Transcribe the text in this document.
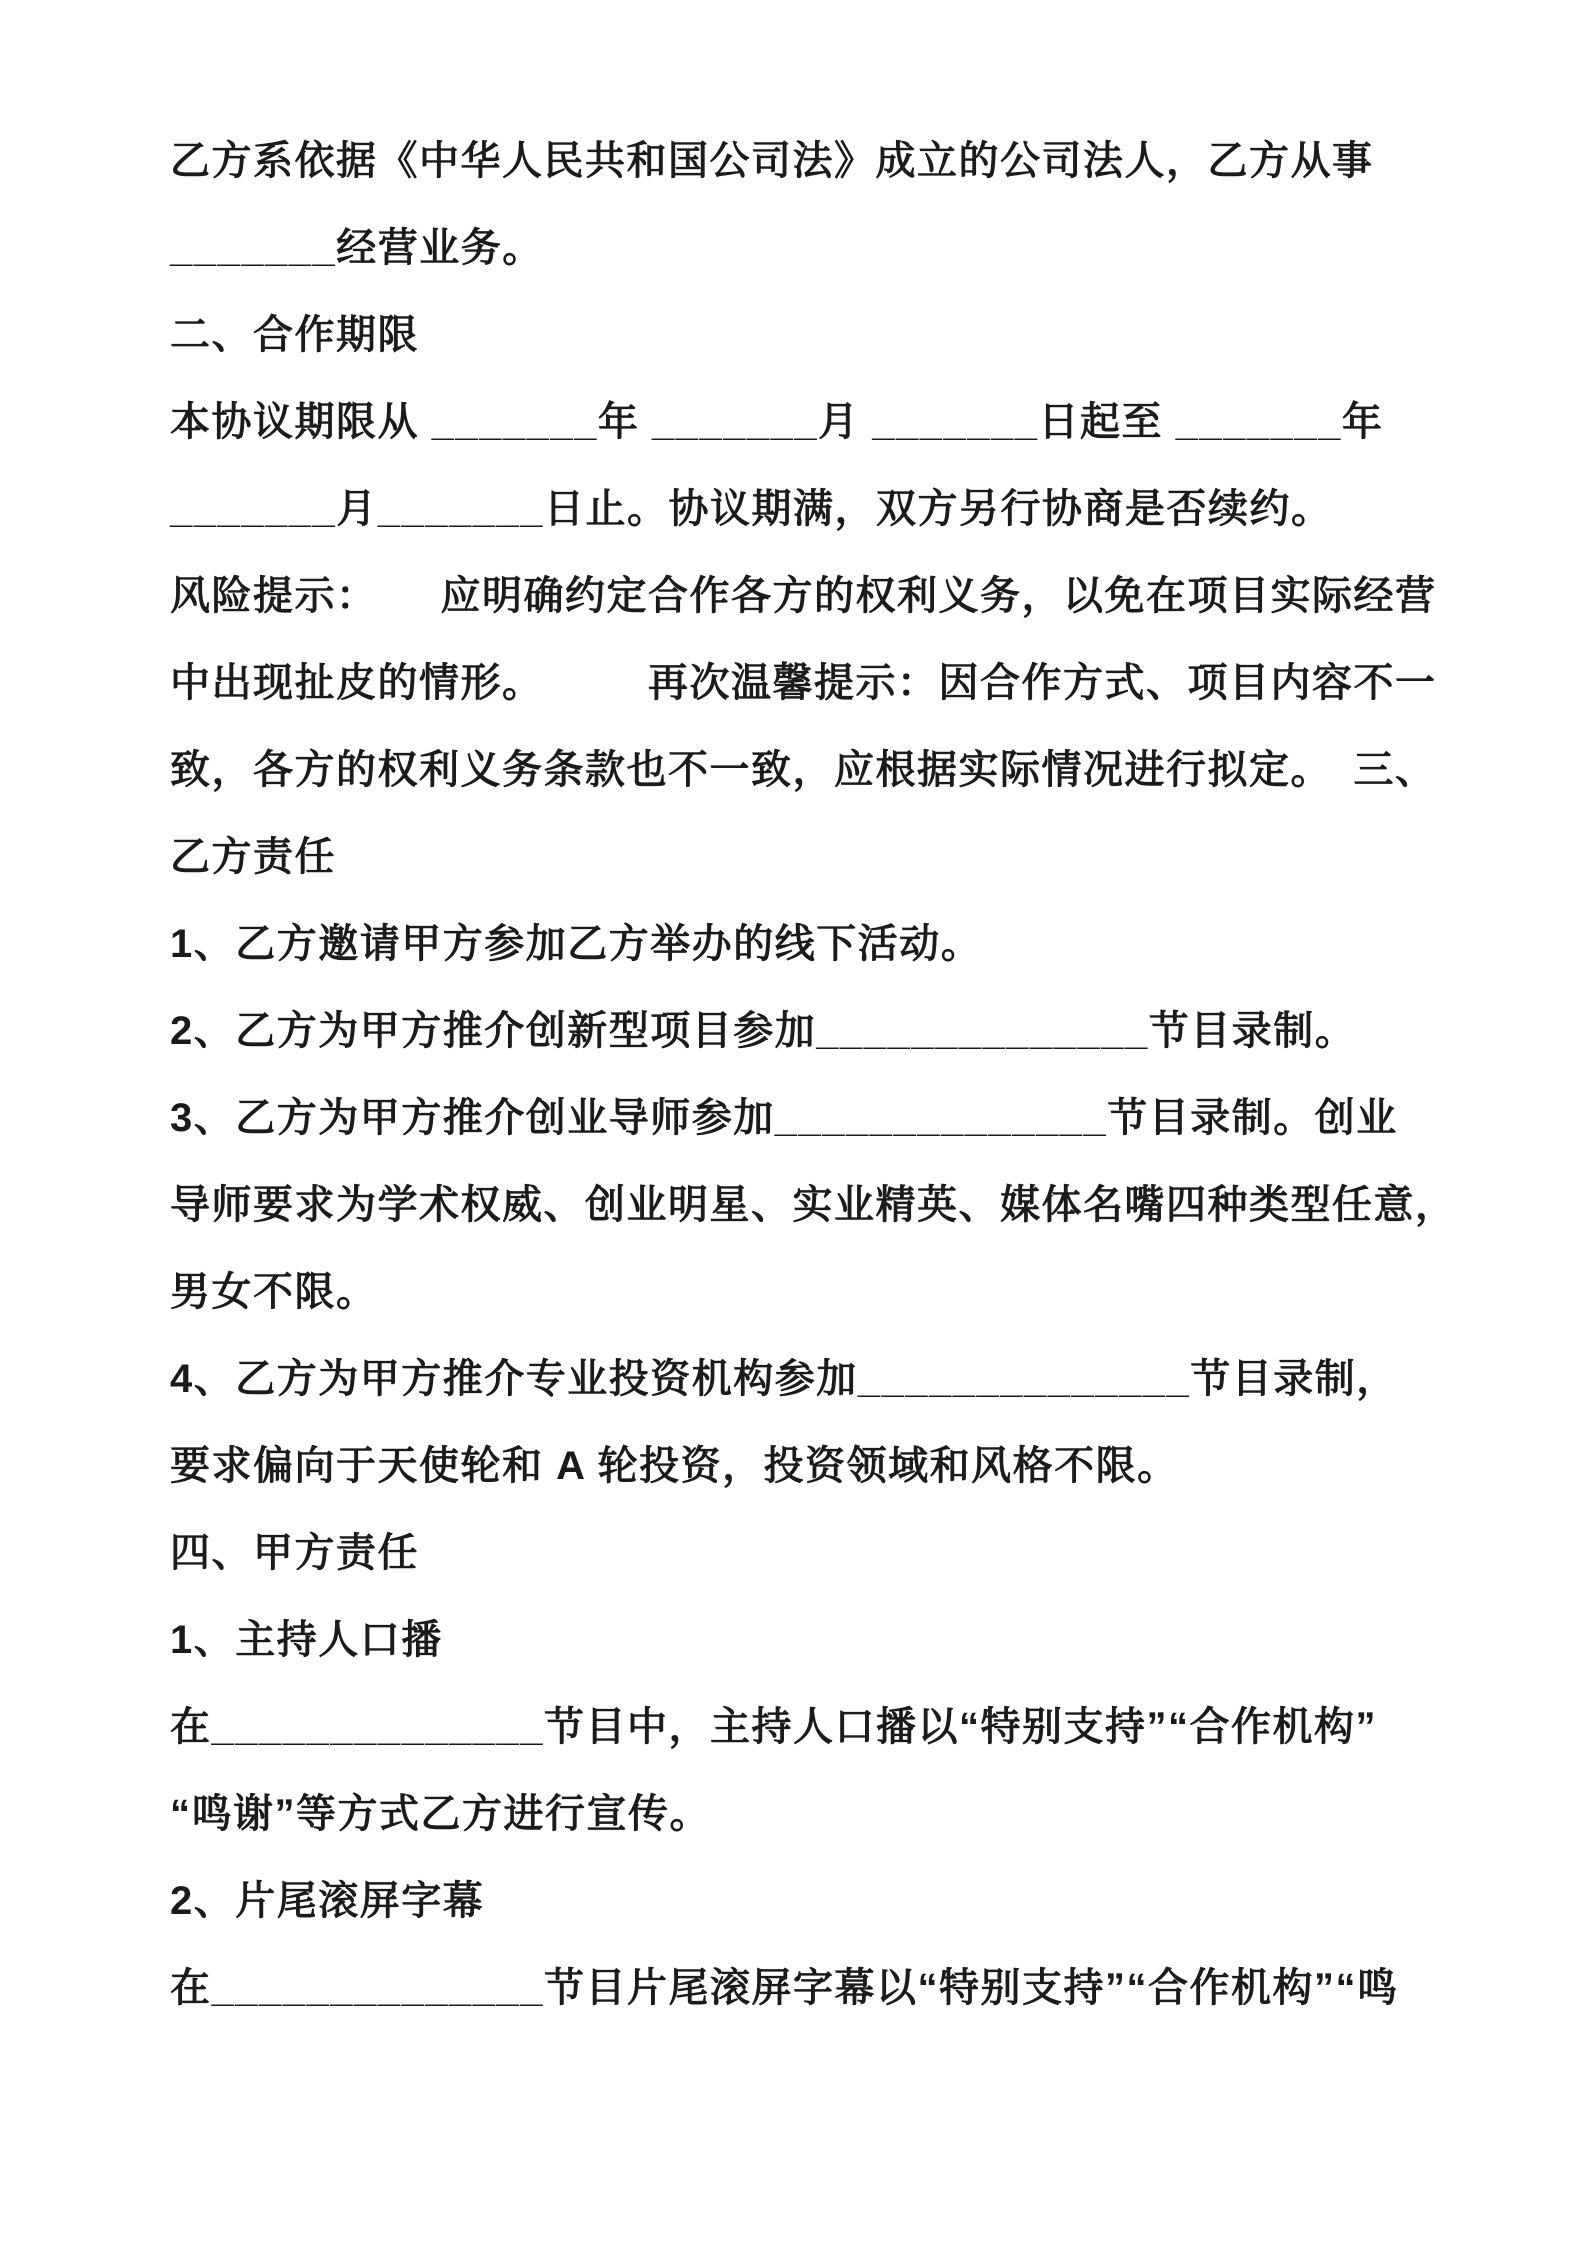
乙方系依据《中华人民共和国公司法》成立的公司法人，乙方从事
_______经营业务。
二、合作期限
本协议期限从 _______年 _______月 _______日起至 _______年
_______月_______日止。协议期满，双方另行协商是否续约。
风险提示：　　应明确约定合作各方的权利义务，以免在项目实际经营
中出现扯皮的情形。　　　再次温馨提示：因合作方式、项目内容不一
致，各方的权利义务条款也不一致，应根据实际情况进行拟定。　三、
乙方责任
1、乙方邀请甲方参加乙方举办的线下活动。
2、乙方为甲方推介创新型项目参加______________节目录制。
3、乙方为甲方推介创业导师参加______________节目录制。创业
导师要求为学术权威、创业明星、实业精英、媒体名嘴四种类型任意，
男女不限。
4、乙方为甲方推介专业投资机构参加______________节目录制，
要求偏向于天使轮和 A 轮投资，投资领域和风格不限。
四、甲方责任
1、主持人口播
在______________节目中，主持人口播以“特别支持”“合作机构”
“鸣谢”等方式乙方进行宣传。
2、片尾滚屏字幕
在______________节目片尾滚屏字幕以“特别支持”“合作机构”“鸣
